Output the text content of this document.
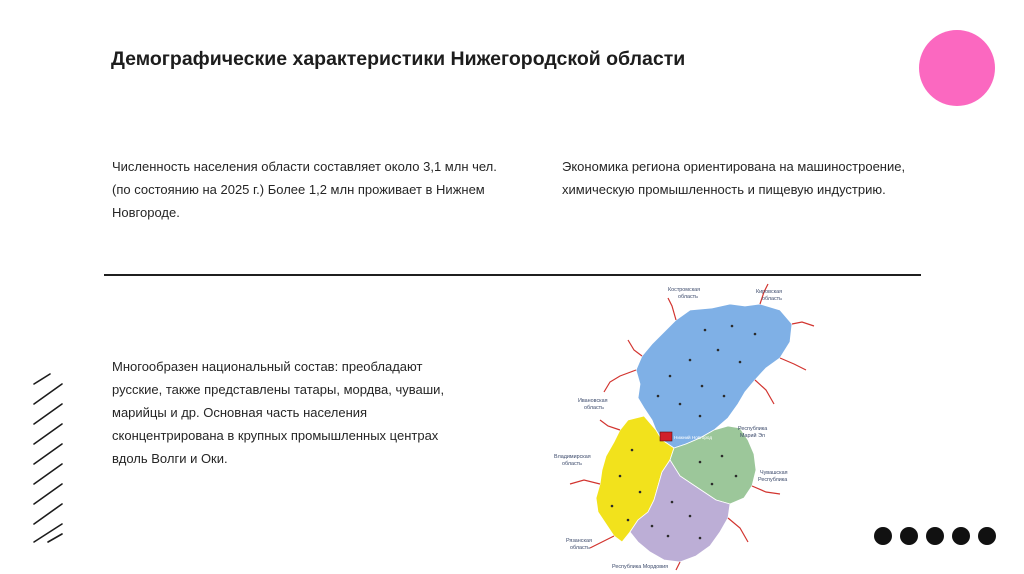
Демографические характеристики Нижегородской области
Численность населения области составляет около 3,1 млн чел. (по состоянию на 2025 г.) Более 1,2 млн проживает в Нижнем Новгороде.
Экономика региона ориентирована на машиностроение, химическую промышленность и пищевую индустрию.
Многообразен национальный состав: преобладают русские, также представлены татары, мордва, чуваши, марийцы и др. Основная часть населения сконцентрирована в крупных промышленных центрах вдоль Волги и Оки.
Костромская
область
Кировская
область
Ивановская
область
Республика
Марий Эл
Нижний Новгород
Владимирская
область
Чувашская
Республика
Рязанская
область
Республика Мордовия
